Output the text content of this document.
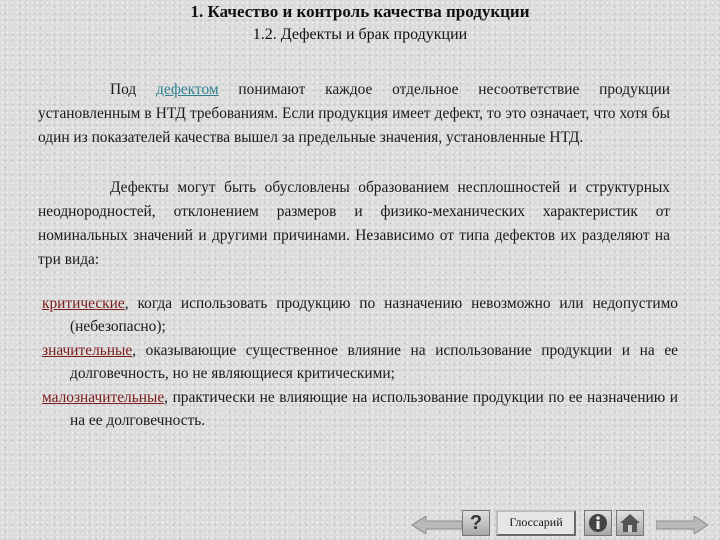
1. Качество и контроль качества продукции
1.2. Дефекты и брак продукции

Под дефектом понимают каждое отдельное несоответствие продукции установленным в НТД требованиям. Если продукция имеет дефект, то это означает, что хотя бы один из показателей качества вышел за предельные значения, установленные НТД.

Дефекты могут быть обусловлены образованием несплошностей и структурных неоднородностей, отклонением размеров и физико-механических характеристик от номинальных значений и другими причинами. Независимо от типа дефектов их разделяют на три вида:

критические, когда использовать продукцию по назначению невозможно или недопустимо (небезопасно);
значительные, оказывающие существенное влияние на использование продукции и на ее долговечность, но не являющиеся критическими;
малозначительные, практически не влияющие на использование продукции по ее назначению и на ее долговечность.
?	Глоссарий
